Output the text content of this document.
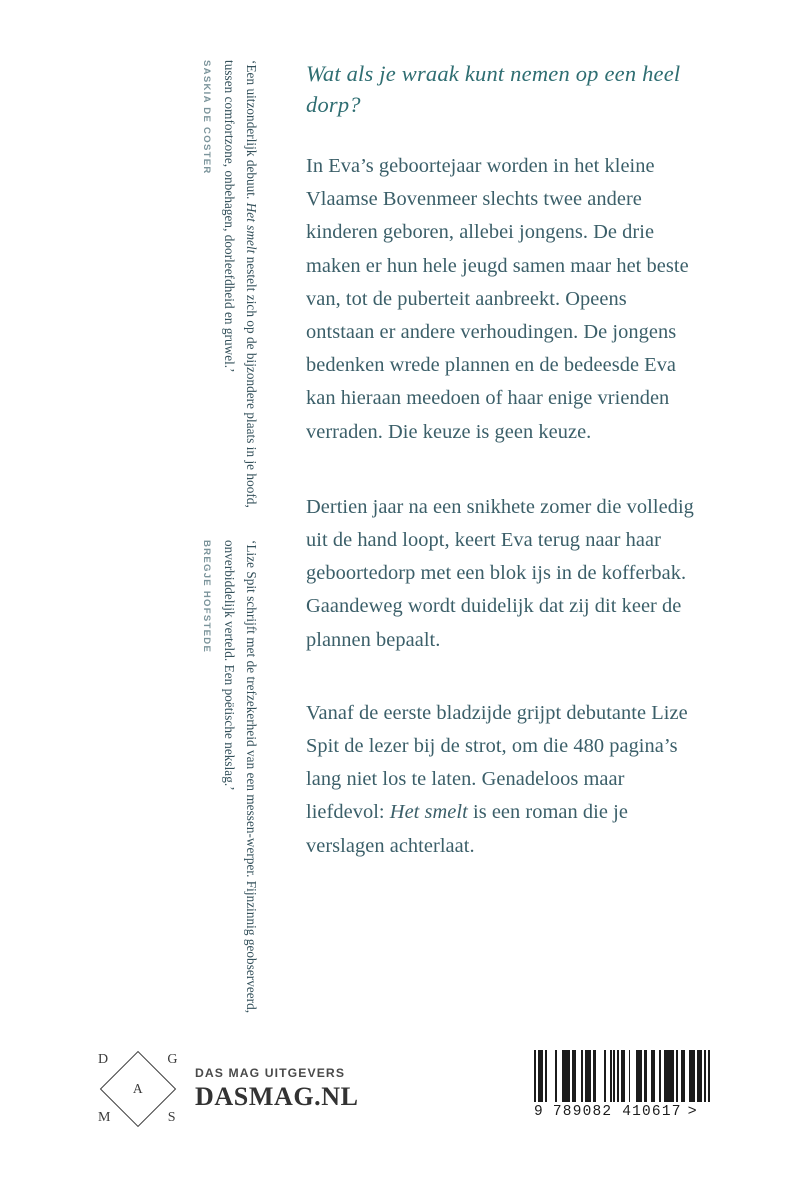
‘Een uitzonderlijk debuut. Het smelt nestelt zich op de bijzondere plaats in je hoofd, tussen comfortzone, onbehagen, doorleefdheid en gruwel.’
SASKIA DE COSTER
‘Lize Spit schrijft met de trefzekerheid van een messen-werper. Fijnzinnig geobserveerd, onverbiddelijk verteld. Een poëtische nekslag.’
BREGJE HOFSTEDE

Wat als je wraak kunt nemen op een heel dorp?

In Eva’s geboortejaar worden in het kleine Vlaamse Bovenmeer slechts twee andere kinderen geboren, allebei jongens. De drie maken er hun hele jeugd samen maar het beste van, tot de puberteit aanbreekt. Opeens ontstaan er andere verhoudingen. De jongens bedenken wrede plannen en de bedeesde Eva kan hieraan meedoen of haar enige vrienden verraden. Die keuze is geen keuze.

Dertien jaar na een snikhete zomer die volledig uit de hand loopt, keert Eva terug naar haar geboortedorp met een blok ijs in de kofferbak. Gaandeweg wordt duidelijk dat zij dit keer de plannen bepaalt.

Vanaf de eerste bladzijde grijpt debutante Lize Spit de lezer bij de strot, om die 480 pagina’s lang niet los te laten. Genadeloos maar liefdevol: Het smelt is een roman die je verslagen achterlaat.

D	G
M	S
A
DAS MAG UITGEVERS
DASMAG.NL
9 789082 410617 >
